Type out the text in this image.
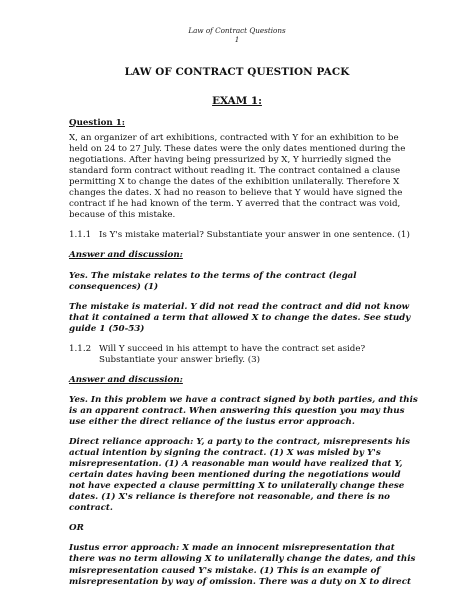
Law of Contract Questions
1
LAW OF CONTRACT QUESTION PACK
EXAM 1:

Question 1:

X, an organizer of art exhibitions, contracted with Y for an exhibition to be held on 24 to 27 July. These dates were the only dates mentioned during the negotiations. After having being pressurized by X, Y hurriedly signed the standard form contract without reading it. The contract contained a clause permitting X to change the dates of the exhibition unilaterally. Therefore X changes the dates. X had no reason to believe that Y would have signed the contract if he had known of the term. Y averred that the contract was void, because of this mistake.

1.1.1 Is Y's mistake material? Substantiate your answer in one sentence. (1)

Answer and discussion:

Yes. The mistake relates to the terms of the contract (legal consequences) (1)

The mistake is material. Y did not read the contract and did not know that it contained a term that allowed X to change the dates. See study guide 1 (50-53)

1.1.2 Will Y succeed in his attempt to have the contract set aside? Substantiate your answer briefly. (3)

Answer and discussion:

Yes. In this problem we have a contract signed by both parties, and this is an apparent contract. When answering this question you may thus use either the direct reliance of the iustus error approach.

Direct reliance approach: Y, a party to the contract, misrepresents his actual intention by signing the contract. (1) X was misled by Y's misrepresentation. (1) A reasonable man would have realized that Y, certain dates having been mentioned during the negotiations would not have expected a clause permitting X to unilaterally change these dates. (1) X's reliance is therefore not reasonable, and there is no contract.

OR

Iustus error approach: X made an innocent misrepresentation that there was no term allowing X to unilaterally change the dates, and this misrepresentation caused Y's mistake. (1) This is an example of misrepresentation by way of omission. There was a duty on X to direct
